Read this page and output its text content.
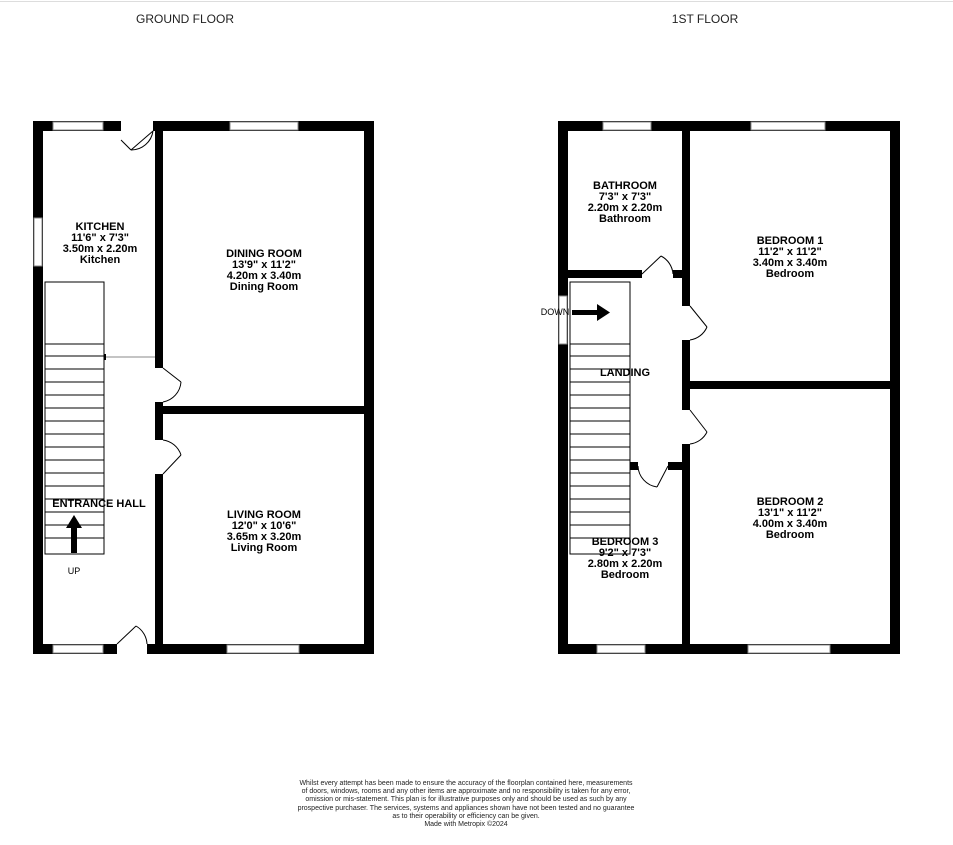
GROUND FLOOR	1ST FLOOR
KITCHEN
11'6" x 7'3"
3.50m x 2.20m
Kitchen	DINING ROOM
13'9" x 11'2"
4.20m x 3.40m
Dining Room
LIVING ROOM
12'0" x 10'6"
3.65m x 3.20m
Living Room
ENTRANCE HALL
UP
DOWN
BATHROOM
7'3" x 7'3"
2.20m x 2.20m
Bathroom
BEDROOM 1
11'2" x 11'2"
3.40m x 3.40m
Bedroom
BEDROOM 2
13'1" x 11'2"
4.00m x 3.40m
Bedroom
BEDROOM 3
9'2" x 7'3"
2.80m x 2.20m
Bedroom
LANDING
Whilst every attempt has been made to ensure the accuracy of the floorplan contained here, measurements
of doors, windows, rooms and any other items are approximate and no responsibility is taken for any error,
omission or mis-statement. This plan is for illustrative purposes only and should be used as such by any
prospective purchaser. The services, systems and appliances shown have not been tested and no guarantee
as to their operability or efficiency can be given.
Made with Metropix ©2024
